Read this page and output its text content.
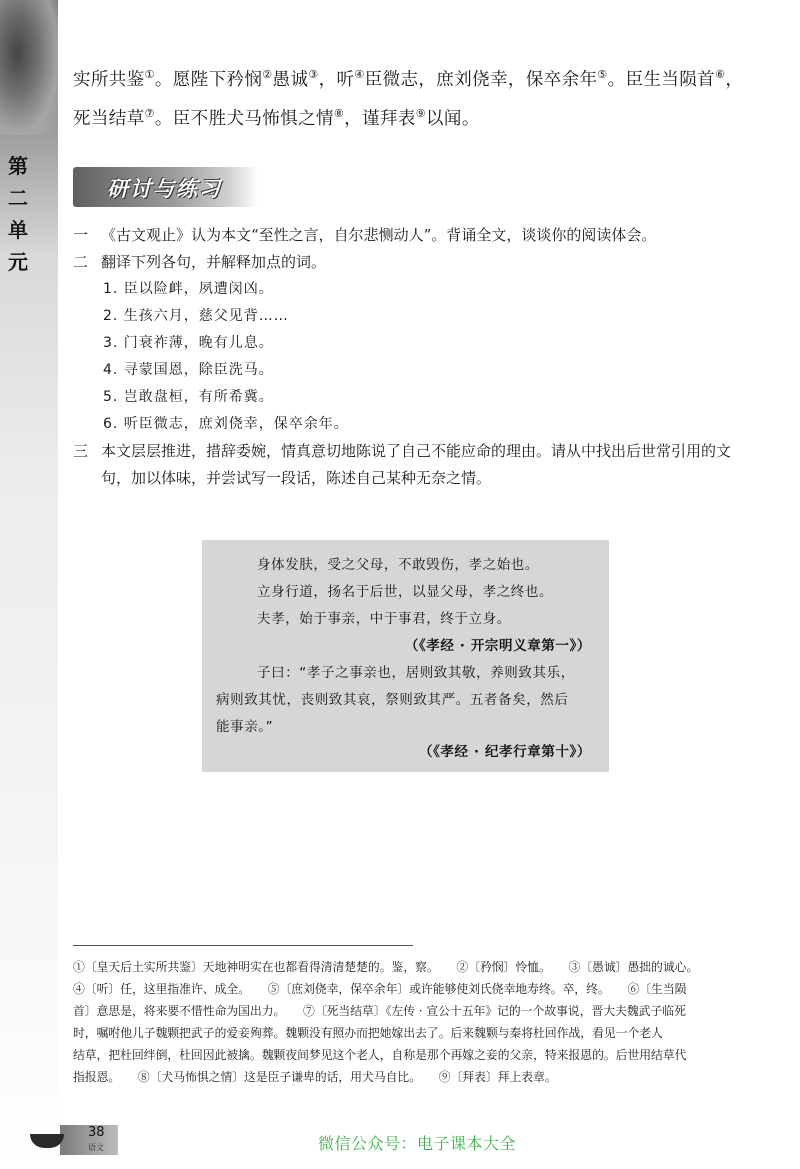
第
二
单
元
实所共鉴①。愿陛下矜悯②愚诚③，听④臣微志，庶刘侥幸，保卒余年⑤。臣生当陨首⑥，
死当结草⑦。臣不胜犬马怖惧之情⑧，谨拜表⑨以闻。
研讨与练习
一 《古文观止》认为本文“至性之言，自尔悲恻动人”。背诵全文，谈谈你的阅读体会。
二 翻译下列各句，并解释加点的词。
1. 臣以险衅，夙遭闵凶。
2. 生孩六月，慈父见背……
3. 门衰祚薄，晚有儿息。
4. 寻蒙国恩，除臣洗马。
5. 岂敢盘桓，有所希冀。
6. 听臣微志，庶刘侥幸，保卒余年。
三 本文层层推进，措辞委婉，情真意切地陈说了自己不能应命的理由。请从中找出后世常引用的文
句，加以体味，并尝试写一段话，陈述自己某种无奈之情。
身体发肤，受之父母，不敢毁伤，孝之始也。
立身行道，扬名于后世，以显父母，孝之终也。
夫孝，始于事亲，中于事君，终于立身。
（《孝经 · 开宗明义章第一》）
子曰：“孝子之事亲也，居则致其敬，养则致其乐，
病则致其忧，丧则致其哀，祭则致其严。五者备矣，然后
能事亲。”
（《孝经 · 纪孝行章第十》）
①〔皇天后土实所共鉴〕天地神明实在也都看得清清楚楚的。鉴，察。　　②〔矜悯〕怜恤。　　③〔愚诚〕愚拙的诚心。
④〔听〕任，这里指准许、成全。　　⑤〔庶刘侥幸，保卒余年〕或许能够使刘氏侥幸地寿终。卒，终。　　⑥〔生当陨
首〕意思是，将来要不惜性命为国出力。　　⑦〔死当结草〕《左传 · 宣公十五年》记的一个故事说，晋大夫魏武子临死
时，嘱咐他儿子魏颗把武子的爱妾殉葬。魏颗没有照办而把她嫁出去了。后来魏颗与秦将杜回作战，看见一个老人
结草，把杜回绊倒，杜回因此被擒。魏颗夜间梦见这个老人，自称是那个再嫁之妾的父亲，特来报恩的。后世用结草代
指报恩。　　⑧〔犬马怖惧之情〕这是臣子谦卑的话，用犬马自比。　　⑨〔拜表〕拜上表章。
38
语文	微信公众号：电子课本大全
